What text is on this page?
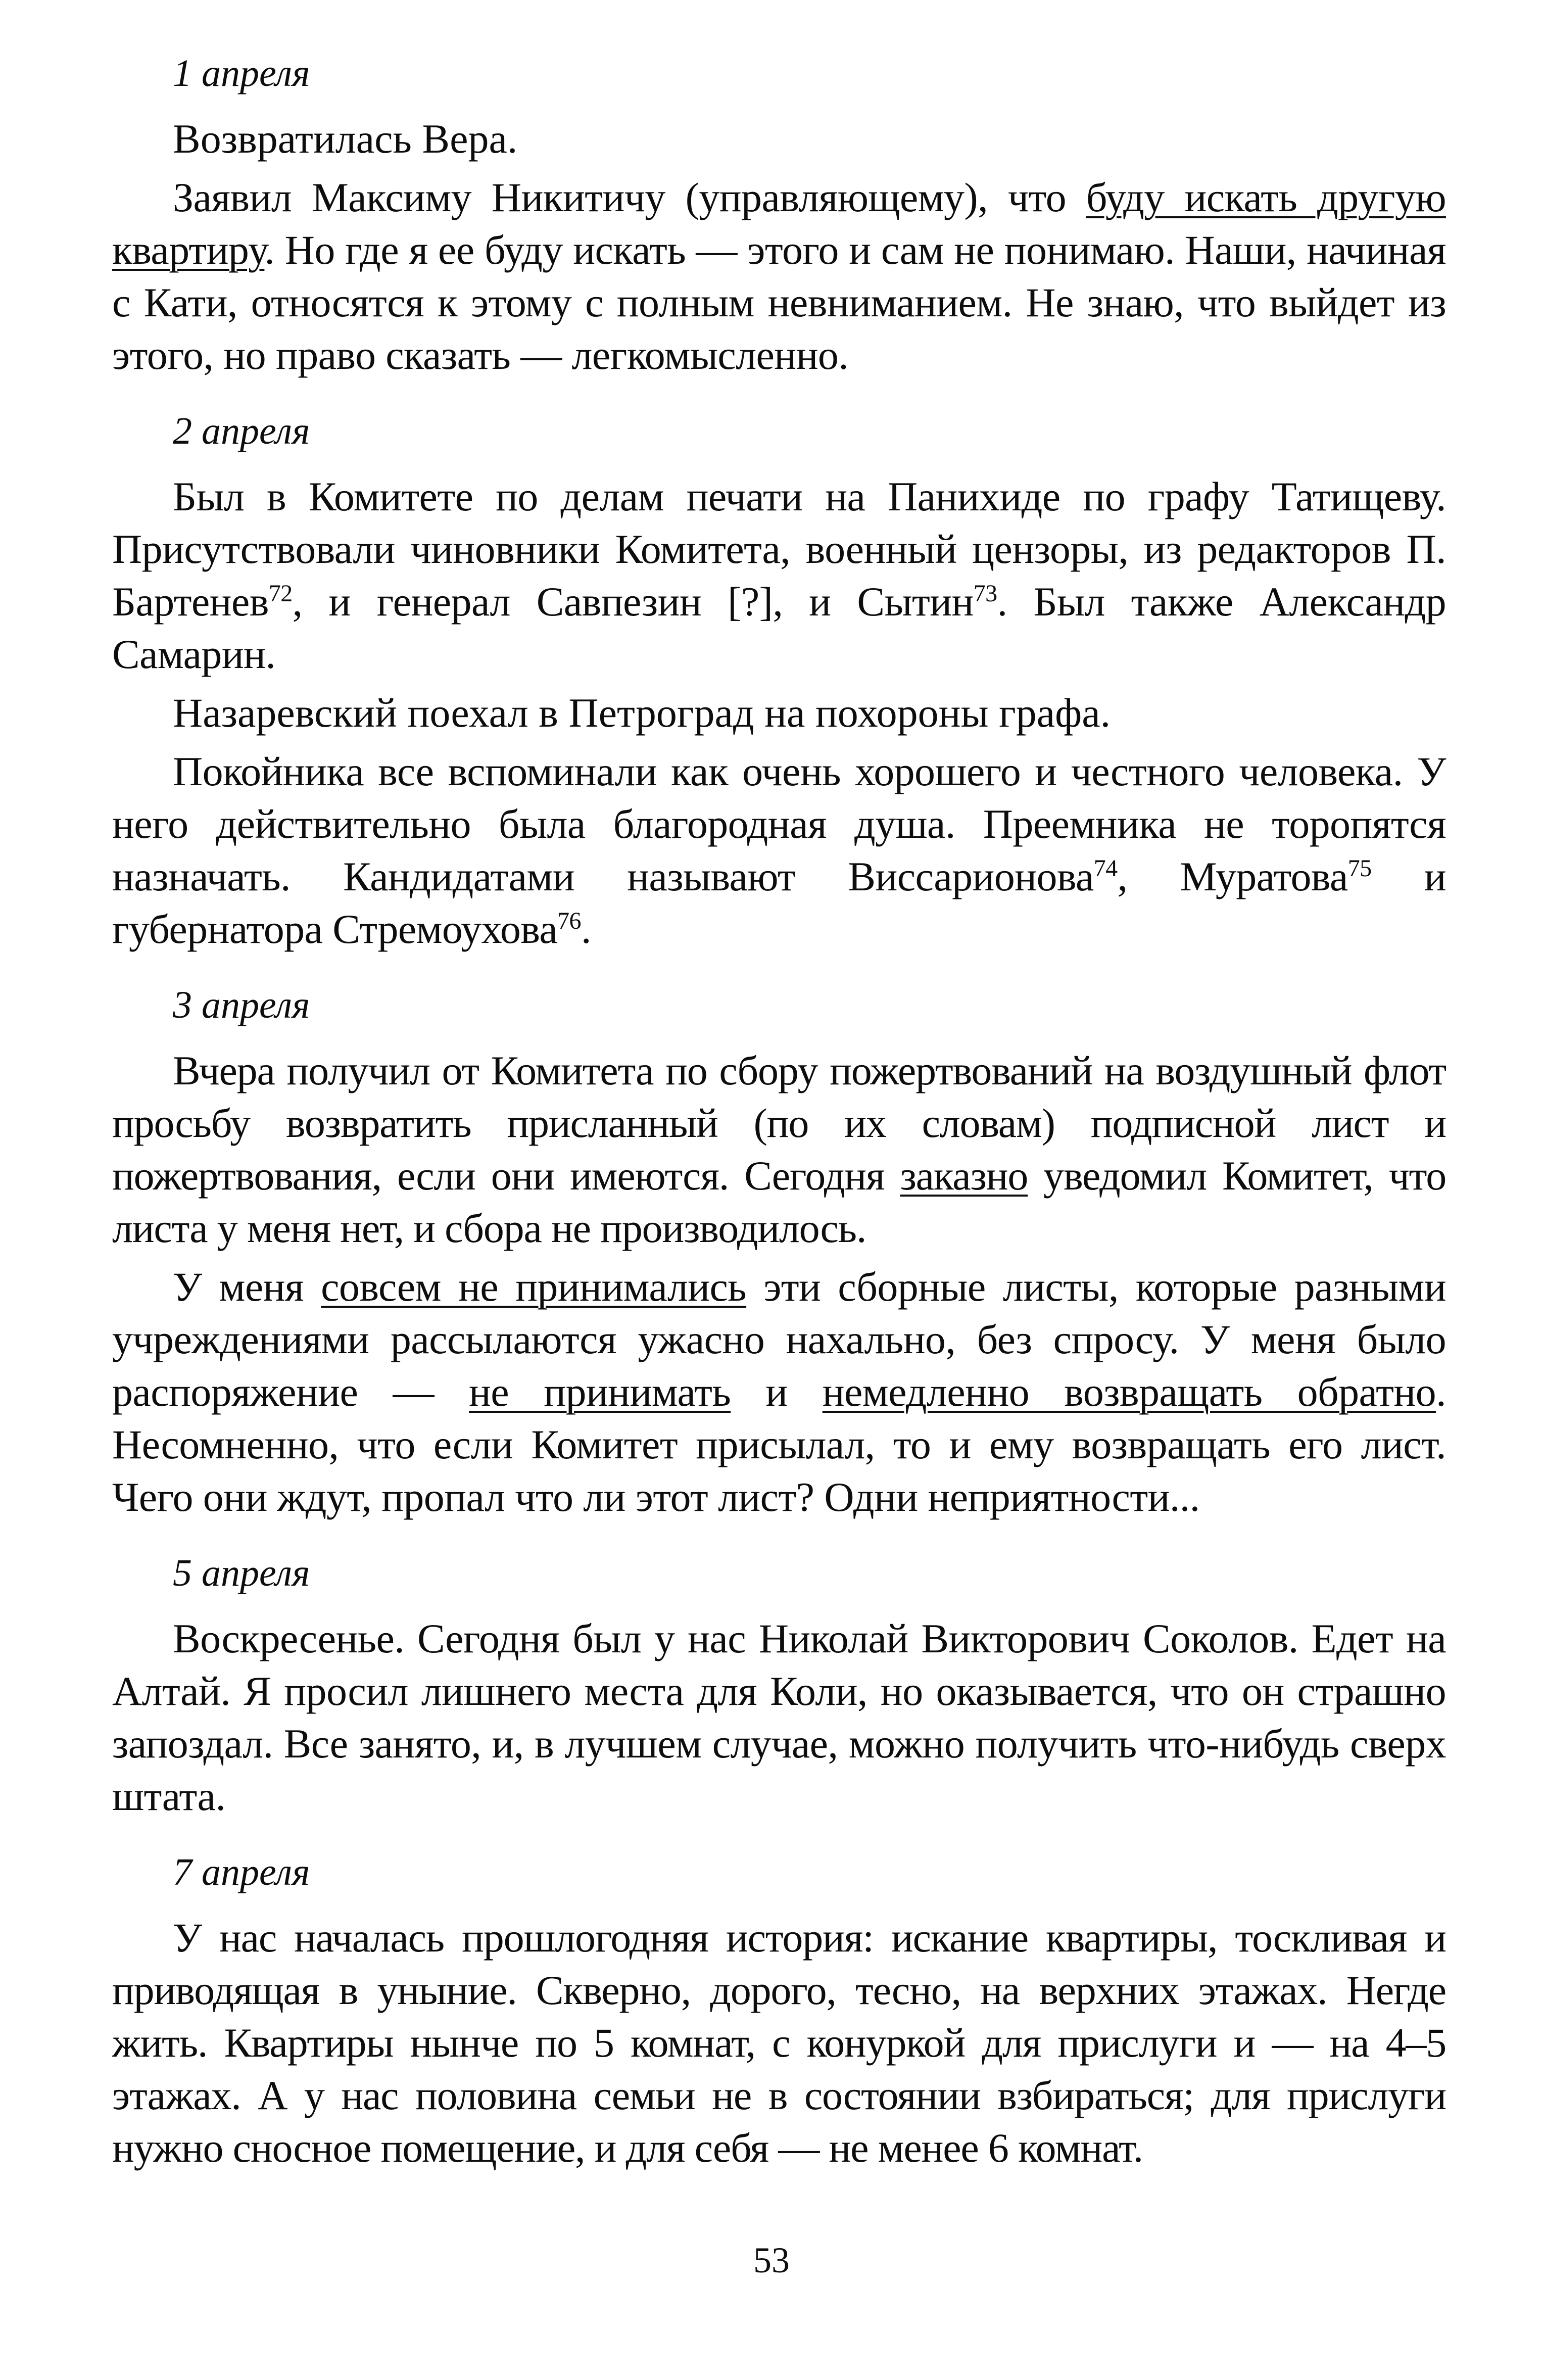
1 апреля

Возвратилась Вера.

Заявил Максиму Никитичу (управляющему), что буду искать другую квартиру. Но где я ее буду искать — этого и сам не понимаю. Наши, начиная с Кати, относятся к этому с полным невниманием. Не знаю, что выйдет из этого, но право сказать — легкомысленно.

2 апреля

Был в Комитете по делам печати на Панихиде по графу Татищеву. Присутствовали чиновники Комитета, военный цензоры, из редакторов П. Бартенев$^{72}$, и генерал Савпезин [?], и Сытин$^{73}$. Был также Александр Самарин.

Назаревский поехал в Петроград на похороны графа.

Покойника все вспоминали как очень хорошего и честного человека. У него действительно была благородная душа. Преемника не торопятся назначать. Кандидатами называют Виссарионова$^{74}$, Муратова$^{75}$ и губернатора Стремоухова$^{76}$.

3 апреля

Вчера получил от Комитета по сбору пожертвований на воздушный флот просьбу возвратить присланный (по их словам) подписной лист и пожертвования, если они имеются. Сегодня заказно уведомил Комитет, что листа у меня нет, и сбора не производилось.

У меня совсем не принимались эти сборные листы, которые разными учреждениями рассылаются ужасно нахально, без спросу. У меня было распоряжение — не принимать и немедленно возвращать обратно. Несомненно, что если Комитет присылал, то и ему возвращать его лист. Чего они ждут, пропал что ли этот лист? Одни неприятности...

5 апреля

Воскресенье. Сегодня был у нас Николай Викторович Соколов. Едет на Алтай. Я просил лишнего места для Коли, но оказывается, что он страшно запоздал. Все занято, и, в лучшем случае, можно получить что-нибудь сверх штата.

7 апреля

У нас началась прошлогодняя история: искание квартиры, тоскливая и приводящая в уныние. Скверно, дорого, тесно, на верхних этажах. Негде жить. Квартиры нынче по 5 комнат, с конуркой для прислуги и — на 4–5 этажах. А у нас половина семьи не в состоянии взбираться; для прислуги нужно сносное помещение, и для себя — не менее 6 комнат.

53
